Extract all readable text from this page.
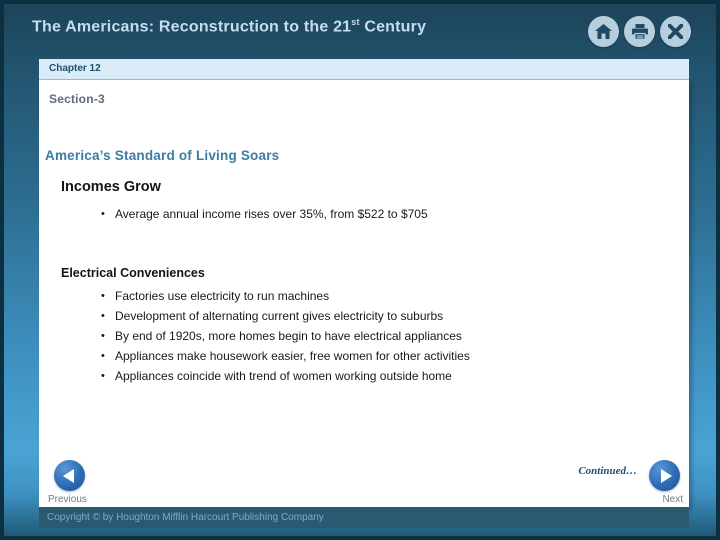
The Americans: Reconstruction to the 21st Century
Chapter 12
Section-3
America’s Standard of Living Soars
Incomes Grow
• Average annual income rises over 35%, from $522 to $705
Electrical Conveniences
• Factories use electricity to run machines
• Development of alternating current gives electricity to suburbs
• By end of 1920s, more homes begin to have electrical appliances
• Appliances make housework easier, free women for other activities
• Appliances coincide with trend of women working outside home
Continued…
Previous	Next
Copyright © by Houghton Mifflin Harcourt Publishing Company
